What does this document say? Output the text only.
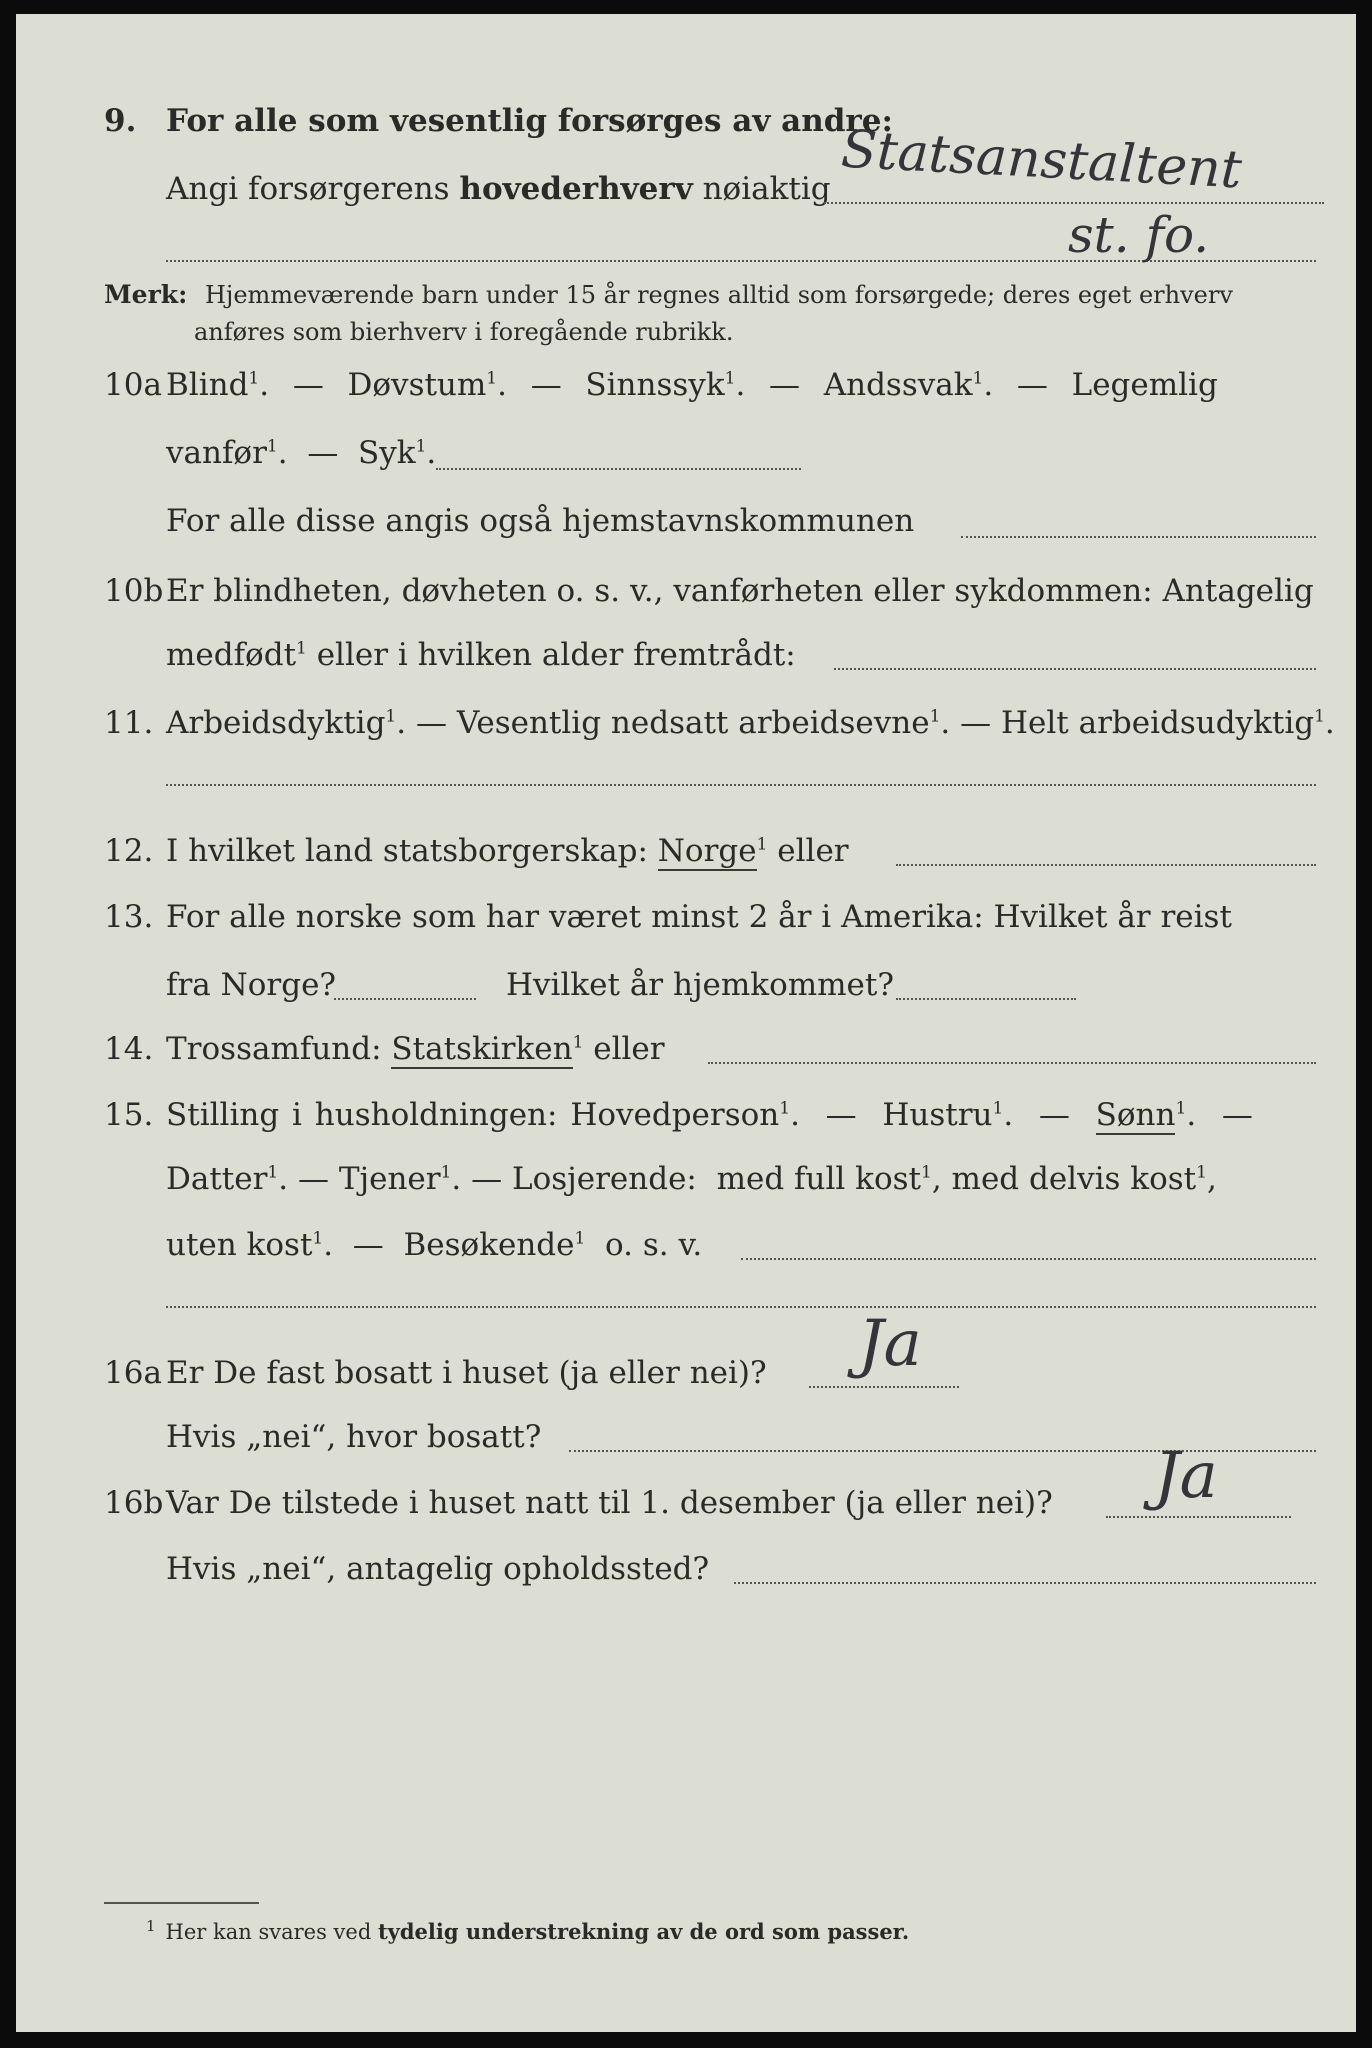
9. For alle som vesentlig forsørges av andre:
Angi forsørgerens hovederhverv nøiaktig Statsanstaltent
st. fo.
Merk: Hjemmeværende barn under 15 år regnes alltid som forsørgede; deres eget erhverv
anføres som bierhverv i foregående rubrikk.
10a Blind$^1$.  — Døvstum$^1$.  — Sinnssyk$^1$.  — Andssvak$^1$.  — Legemlig
vanfør$^1$.  — Syk$^1$.
For alle disse angis også hjemstavnskommunen
10b Er blindheten, døvheten o. s. v., vanførheten eller sykdommen: Antagelig
medfødt$^1$ eller i hvilken alder fremtrådt:
11. Arbeidsdyktig$^1$. — Vesentlig nedsatt arbeidsevne$^1$. — Helt arbeidsudyktig$^1$.
12. I hvilket land statsborgerskap: Norge$^1$ eller
13. For alle norske som har været minst 2 år i Amerika: Hvilket år reist
fra Norge?	Hvilket år hjemkommet?
14. Trossamfund: Statskirken$^1$ eller
15. Stilling i husholdningen: Hovedperson$^1$.  — Hustru$^1$.  — Sønn$^1$.  —
Datter$^1$. — Tjener$^1$. — Losjerende: med full kost$^1$, med delvis kost$^1$,
uten kost$^1$.  — Besøkende$^1$ o. s. v.
16a Er De fast bosatt i huset (ja eller nei)? Ja
Hvis „nei“, hvor bosatt?
16b Var De tilstede i huset natt til 1. desember (ja eller nei)? Ja
Hvis „nei“, antagelig opholdssted?
$^1$ Her kan svares ved tydelig understrekning av de ord som passer.
